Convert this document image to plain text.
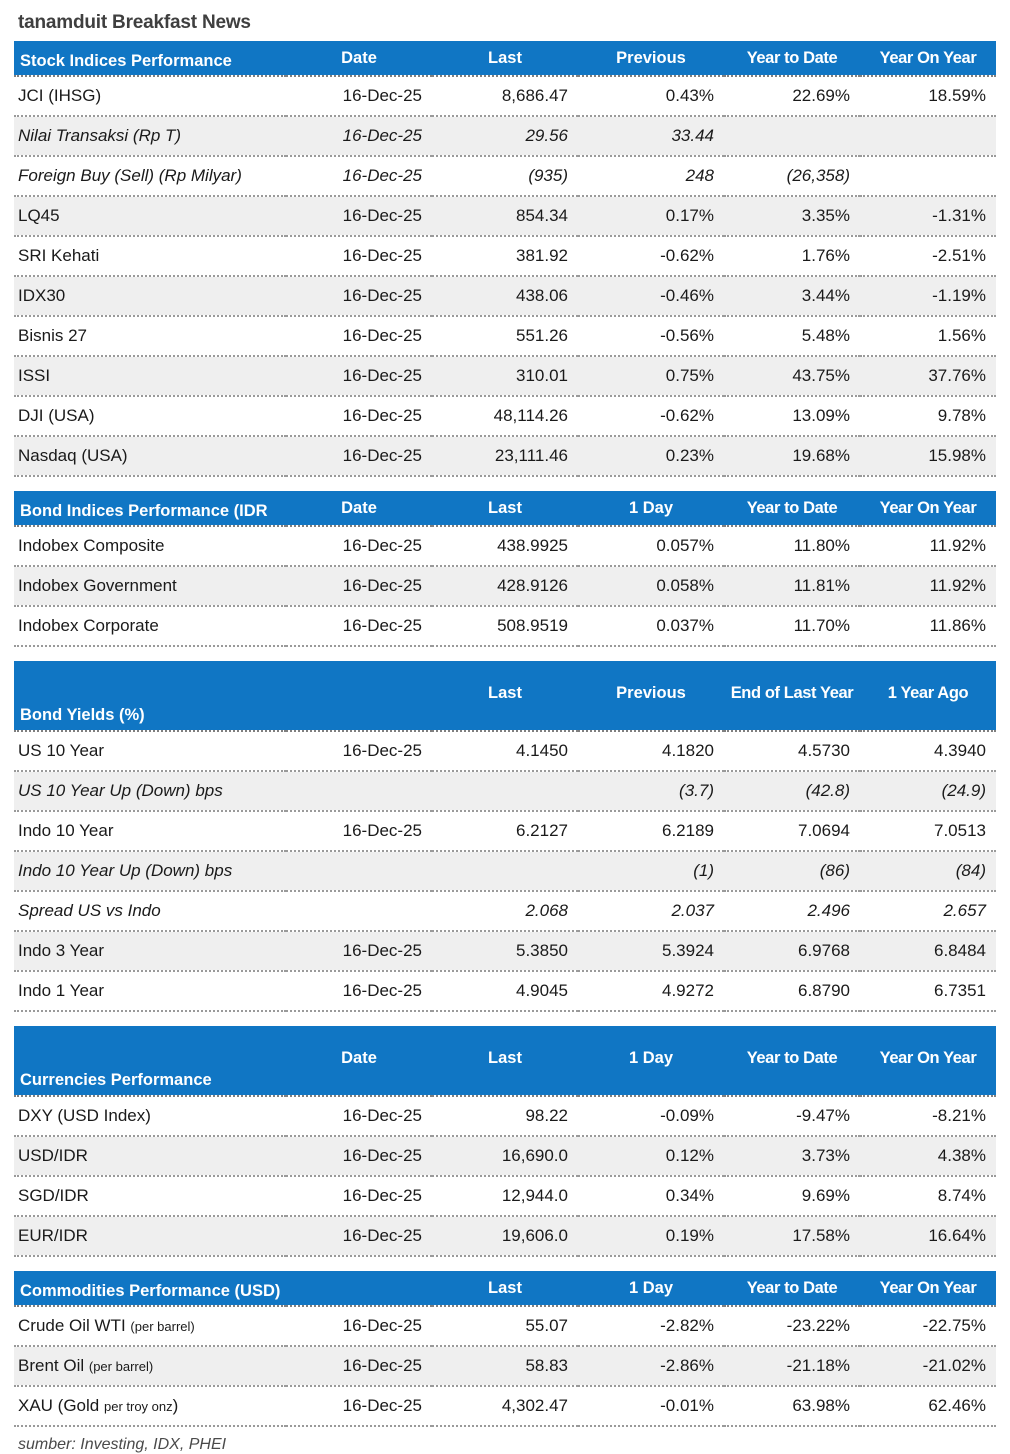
tanamduit Breakfast News
Stock Indices Performance	Date	Last	Previous	Year to Date	Year On Year
JCI (IHSG)	16-Dec-25	8,686.47	0.43%	22.69%	18.59%
Nilai Transaksi (Rp T)	16-Dec-25	29.56	33.44		
Foreign Buy (Sell) (Rp Milyar)	16-Dec-25	(935)	248	(26,358)	
LQ45	16-Dec-25	854.34	0.17%	3.35%	-1.31%
SRI Kehati	16-Dec-25	381.92	-0.62%	1.76%	-2.51%
IDX30	16-Dec-25	438.06	-0.46%	3.44%	-1.19%
Bisnis 27	16-Dec-25	551.26	-0.56%	5.48%	1.56%
ISSI	16-Dec-25	310.01	0.75%	43.75%	37.76%
DJI (USA)	16-Dec-25	48,114.26	-0.62%	13.09%	9.78%
Nasdaq (USA)	16-Dec-25	23,111.46	0.23%	19.68%	15.98%
Bond Indices Performance (IDR	Date	Last	1 Day	Year to Date	Year On Year
Indobex Composite	16-Dec-25	438.9925	0.057%	11.80%	11.92%
Indobex Government	16-Dec-25	428.9126	0.058%	11.81%	11.92%
Indobex Corporate	16-Dec-25	508.9519	0.037%	11.70%	11.86%
Bond Yields (%)		Last	Previous	End of Last Year	1 Year Ago
US 10 Year	16-Dec-25	4.1450	4.1820	4.5730	4.3940
US 10 Year Up (Down) bps			(3.7)	(42.8)	(24.9)
Indo 10 Year	16-Dec-25	6.2127	6.2189	7.0694	7.0513
Indo 10 Year Up (Down) bps			(1)	(86)	(84)
Spread US vs Indo		2.068	2.037	2.496	2.657
Indo 3 Year	16-Dec-25	5.3850	5.3924	6.9768	6.8484
Indo 1 Year	16-Dec-25	4.9045	4.9272	6.8790	6.7351
Currencies Performance	Date	Last	1 Day	Year to Date	Year On Year
DXY (USD Index)	16-Dec-25	98.22	-0.09%	-9.47%	-8.21%
USD/IDR	16-Dec-25	16,690.0	0.12%	3.73%	4.38%
SGD/IDR	16-Dec-25	12,944.0	0.34%	9.69%	8.74%
EUR/IDR	16-Dec-25	19,606.0	0.19%	17.58%	16.64%
Commodities Performance (USD)		Last	1 Day	Year to Date	Year On Year
Crude Oil WTI (per barrel)	16-Dec-25	55.07	-2.82%	-23.22%	-22.75%
Brent Oil (per barrel)	16-Dec-25	58.83	-2.86%	-21.18%	-21.02%
XAU (Gold per troy onz)	16-Dec-25	4,302.47	-0.01%	63.98%	62.46%
sumber: Investing, IDX, PHEI
